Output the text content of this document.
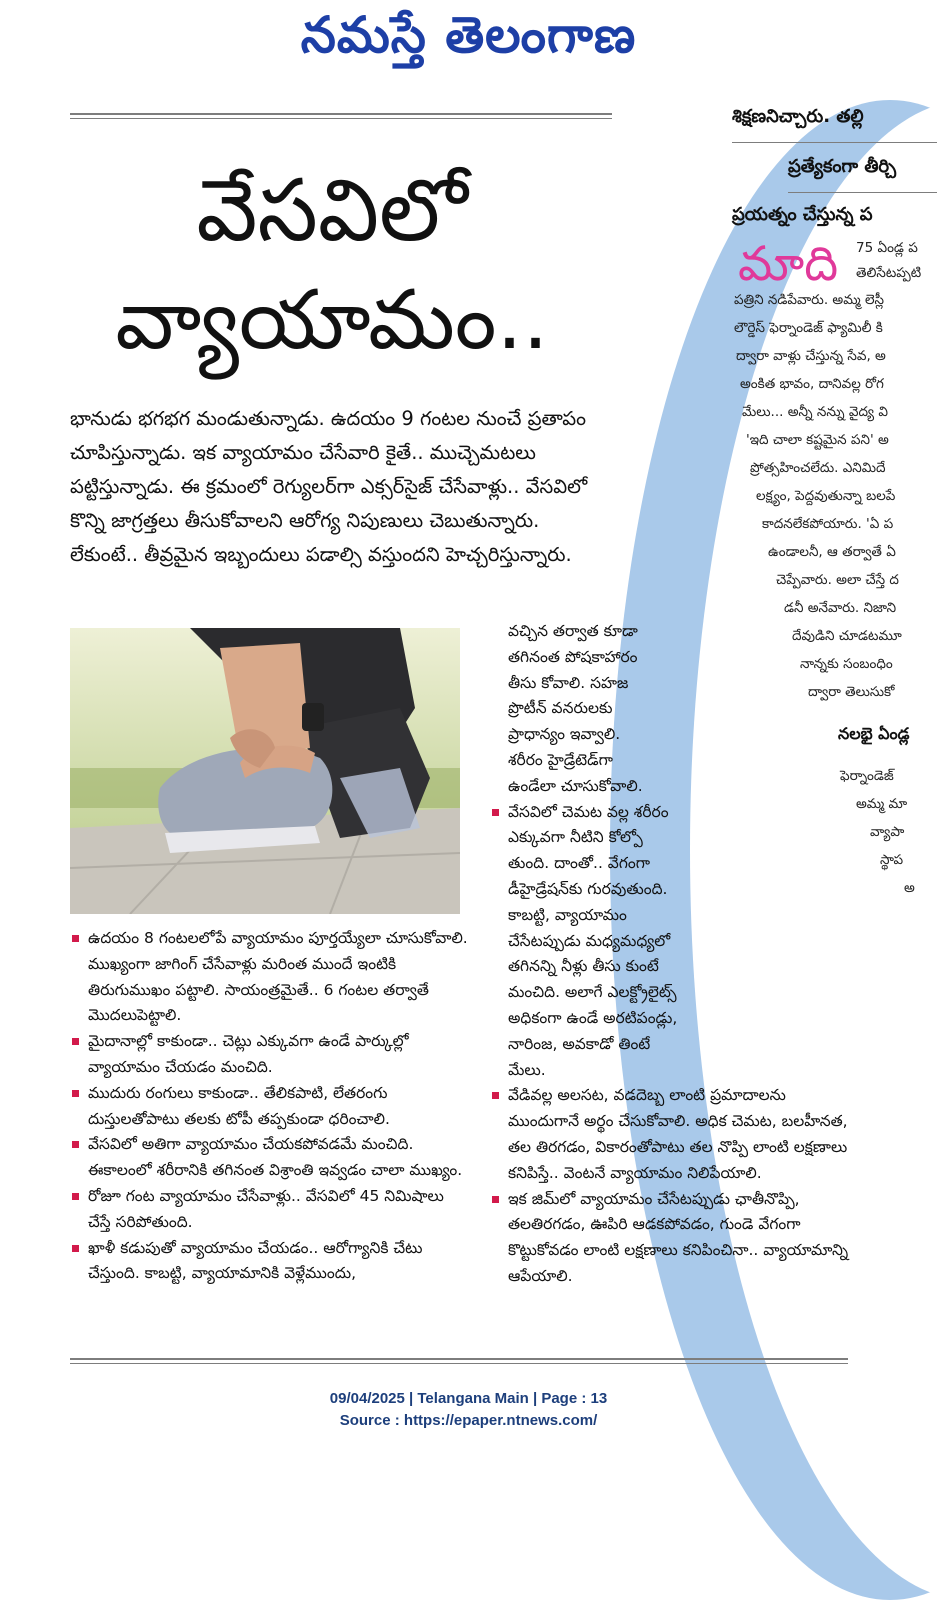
నమస్తే తెలంగాణ
శిక్షణనిచ్చారు. తల్లి
ప్రత్యేకంగా తీర్చి
ప్రయత్నం చేస్తున్న ప
మాది 75 ఏండ్ల ప
తెలిసేటప్పటి
పత్రిని నడిపేవారు. అమ్మ లెస్లీ
లౌర్డెస్ ఫెర్నాండెజ్ ఫ్యామిలీ కి
ద్వారా వాళ్లు చేస్తున్న సేవ, అ
అంకిత భావం, దానివల్ల రోగ
మేలు... అన్నీ నన్ను వైద్య వి
'ఇది చాలా కష్టమైన పని' అ
ప్రోత్సహించలేదు. ఎనిమిదే
లక్ష్యం, పెద్దవుతున్నా బలపే
కాదనలేకపోయారు. 'ఏ ప
ఉండాలనీ, ఆ తర్వాతే ఏ
చెప్పేవారు. అలా చేస్తే ద
డనీ అనేవారు. నిజాని
దేవుడిని చూడటమూ
నాన్నకు సంబంధిం
ద్వారా తెలుసుకో
నలభై ఏండ్ల
ఫెర్నాండెజ్
అమ్మ మా
వ్యాపా
స్థాప
అ
వేసవిలో
వ్యాయామం..
భానుడు భగభగ మండుతున్నాడు. ఉదయం 9 గంటల నుంచే ప్రతాపం చూపిస్తున్నాడు. ఇక వ్యాయామం చేసేవారి కైతే.. ముచ్చెమటలు పట్టిస్తున్నాడు. ఈ క్రమంలో రెగ్యులర్‌గా ఎక్సర్‌సైజ్ చేసేవాళ్లు.. వేసవిలో కొన్ని జాగ్రత్తలు తీసుకోవాలని ఆరోగ్య నిపుణులు చెబుతున్నారు. లేకుంటే.. తీవ్రమైన ఇబ్బందులు పడాల్సి వస్తుందని హెచ్చరిస్తున్నారు.
ఉదయం 8 గంటలలోపే వ్యాయామం పూర్తయ్యేలా చూసుకోవాలి. ముఖ్యంగా జాగింగ్ చేసేవాళ్లు మరింత ముందే ఇంటికి తిరుగుముఖం పట్టాలి. సాయంత్రమైతే.. 6 గంటల తర్వాతే మొదలుపెట్టాలి.
మైదానాల్లో కాకుండా.. చెట్లు ఎక్కువగా ఉండే పార్కుల్లో వ్యాయామం చేయడం మంచిది.
ముదురు రంగులు కాకుండా.. తేలికపాటి, లేతరంగు దుస్తులతోపాటు తలకు టోపీ తప్పకుండా ధరించాలి.
వేసవిలో అతిగా వ్యాయామం చేయకపోవడమే మంచిది. ఈకాలంలో శరీరానికి తగినంత విశ్రాంతి ఇవ్వడం చాలా ముఖ్యం.
రోజూ గంట వ్యాయామం చేసేవాళ్లు.. వేసవిలో 45 నిమిషాలు చేస్తే సరిపోతుంది.
ఖాళీ కడుపుతో వ్యాయామం చేయడం.. ఆరోగ్యానికి చేటు చేస్తుంది. కాబట్టి, వ్యాయామానికి వెళ్లేముందు,
వచ్చిన తర్వాత కూడా తగినంత పోషకాహారం తీసు కోవాలి. సహజ ప్రొటీన్ వనరులకు ప్రాధాన్యం ఇవ్వాలి. శరీరం హైడ్రేటెడ్‌గా ఉండేలా చూసుకోవాలి.
వేసవిలో చెమట వల్ల శరీరం ఎక్కువగా నీటిని కోల్పో తుంది. దాంతో.. వేగంగా డీహైడ్రేషన్‌కు గురవుతుంది. కాబట్టి, వ్యాయామం చేసేటప్పుడు మధ్యమధ్యలో తగినన్ని నీళ్లు తీసు కుంటే మంచిది. అలాగే ఎలక్ట్రోలైట్స్ అధికంగా ఉండే అరటిపండ్లు, నారింజ, అవకాడో తింటే మేలు.
వేడివల్ల అలసట, వడదెబ్బ లాంటి ప్రమాదాలను ముందుగానే అర్థం చేసుకోవాలి. అధిక చెమట, బలహీనత, తల తిరగడం, వికారంతోపాటు తల నొప్పి లాంటి లక్షణాలు కనిపిస్తే.. వెంటనే వ్యాయామం నిలిపేయాలి.
ఇక జిమ్‌లో వ్యాయామం చేసేటప్పుడు ఛాతీనొప్పి, తలతిరగడం, ఊపిరి ఆడకపోవడం, గుండె వేగంగా కొట్టుకోవడం లాంటి లక్షణాలు కనిపించినా.. వ్యాయామాన్ని ఆపేయాలి.
09/04/2025 | Telangana Main | Page : 13
Source : https://epaper.ntnews.com/
